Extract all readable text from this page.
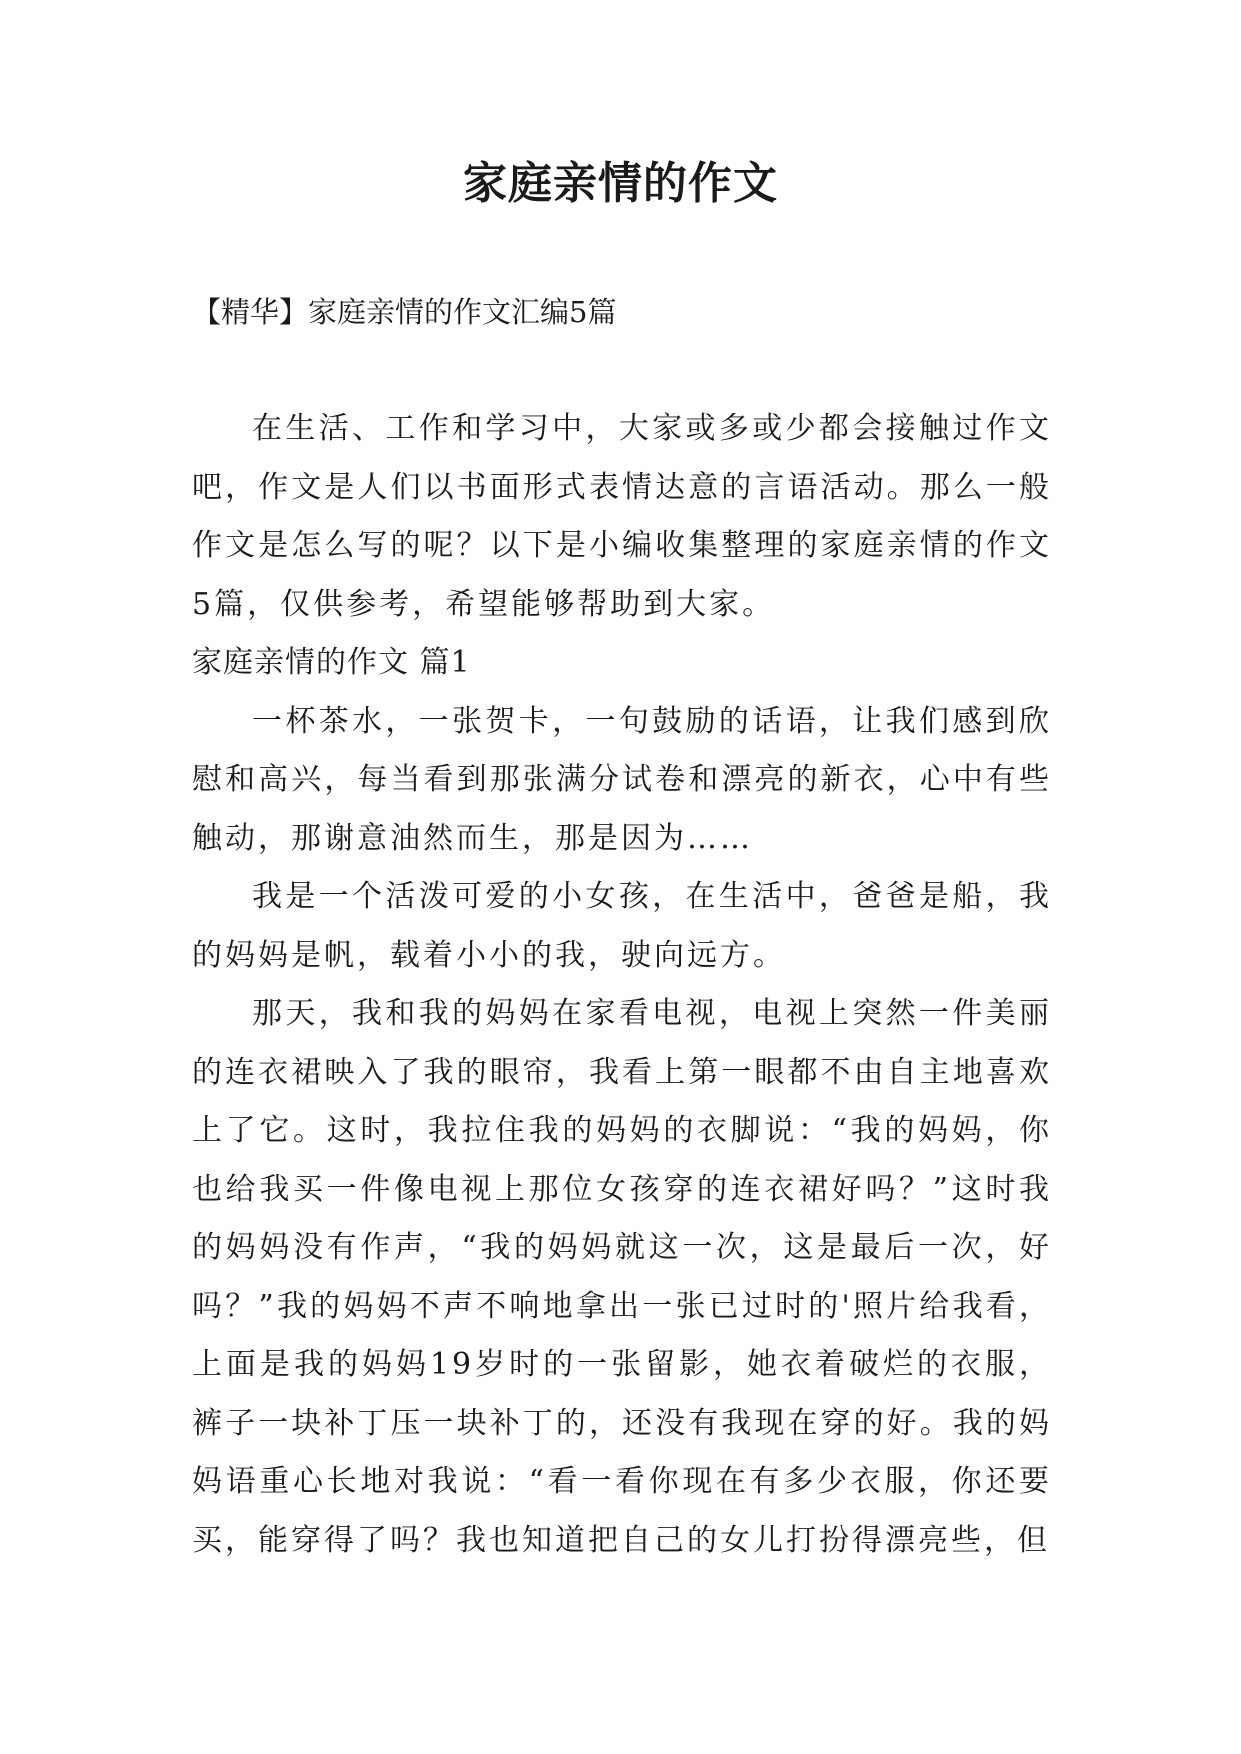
家庭亲情的作文
【精华】家庭亲情的作文汇编5篇

在生活、工作和学习中，大家或多或少都会接触过作文吧，作文是人们以书面形式表情达意的言语活动。那么一般作文是怎么写的呢？以下是小编收集整理的家庭亲情的作文5篇，仅供参考，希望能够帮助到大家。

家庭亲情的作文 篇1

一杯茶水，一张贺卡，一句鼓励的话语，让我们感到欣慰和高兴，每当看到那张满分试卷和漂亮的新衣，心中有些触动，那谢意油然而生，那是因为……

我是一个活泼可爱的小女孩，在生活中，爸爸是船，我的妈妈是帆，载着小小的我，驶向远方。

那天，我和我的妈妈在家看电视，电视上突然一件美丽的连衣裙映入了我的眼帘，我看上第一眼都不由自主地喜欢上了它。这时，我拉住我的妈妈的衣脚说：“我的妈妈，你也给我买一件像电视上那位女孩穿的连衣裙好吗？”这时我的妈妈没有作声，“我的妈妈就这一次，这是最后一次，好吗？”我的妈妈不声不响地拿出一张已过时的'照片给我看，上面是我的妈妈19岁时的一张留影，她衣着破烂的衣服，裤子一块补丁压一块补丁的，还没有我现在穿的好。我的妈妈语重心长地对我说：“看一看你现在有多少衣服，你还要买，能穿得了吗？我也知道把自己的女儿打扮得漂亮些，但
